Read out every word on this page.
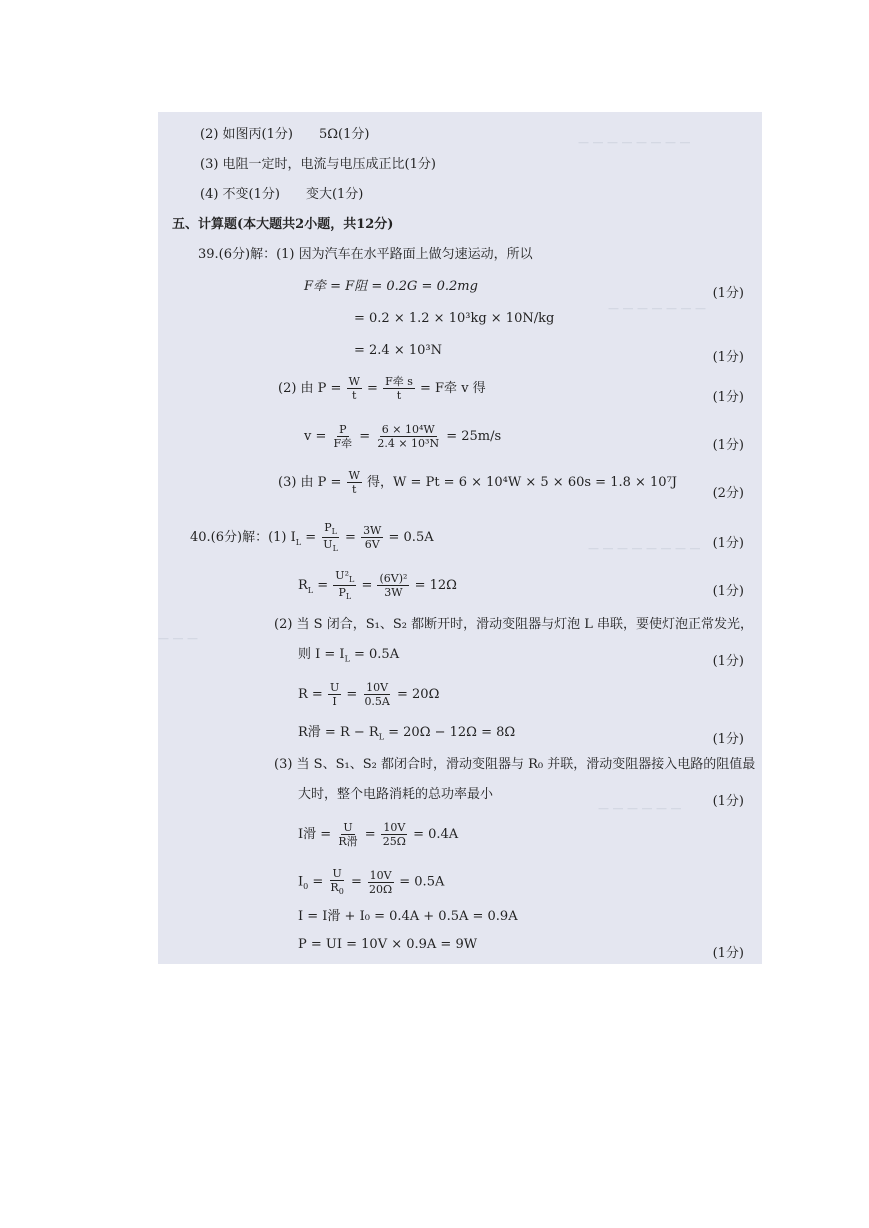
— — — — — — — —
— — — — — — —
— — — — — — — —
— — —
— — — — — —
(2) 如图丙(1分)　　5Ω(1分)
(3) 电阻一定时，电流与电压成正比(1分)
(4) 不变(1分)　　变大(1分)
五、计算题(本大题共2小题，共12分)
39.(6分)解：(1) 因为汽车在水平路面上做匀速运动，所以
F牵 = F阻 = 0.2G = 0.2mg	(1分)
= 0.2 × 1.2 × 10³kg × 10N/kg
= 2.4 × 10³N	(1分)
(2) 由 $P = \frac{W}{t} = \frac{\text{F牵 s}}{t} = F$牵 v 得
(1分)
$v = \frac{P}{\text{F牵}} = \frac{\text{6 × 10⁴W}}{\text{2.4 × 10³N}} = 25m/s$
(1分)
(3) 由 $P = \frac{W}{t}$ 得，W = Pt = 6 × 10⁴W × 5 × 60s = 1.8 × 10⁷J
(2分)
40.(6分)解：(1) $I_L = \frac{P_L}{U_L} = \frac{3W}{6V} = 0.5A$	(1分)
$R_L = \frac{U^2_L}{P_L} = \frac{\text{(6V)²}}{3W} = 12\Omega$	(1分)
(2) 当 S 闭合，S₁、S₂ 都断开时，滑动变阻器与灯泡 L 串联，要使灯泡正常发光，
则 $I = I_L = 0.5A$	(1分)
$R = \frac{U}{I} = \frac{10V}{0.5A} = 20\Omega$
R滑 = $R - R_L = 20\Omega - 12\Omega = 8\Omega$	(1分)
(3) 当 S、S₁、S₂ 都闭合时，滑动变阻器与 R₀ 并联，滑动变阻器接入电路的阻值最
大时，整个电路消耗的总功率最小	(1分)
I滑 = $\frac{U}{\text{R滑}} = \frac{10V}{25\Omega} = 0.4A$
$I_0 = \frac{U}{R_0} = \frac{10V}{20\Omega} = 0.5A$
I = I滑 + I₀ = 0.4A + 0.5A = 0.9A
P = UI = 10V × 0.9A = 9W
(1分)
